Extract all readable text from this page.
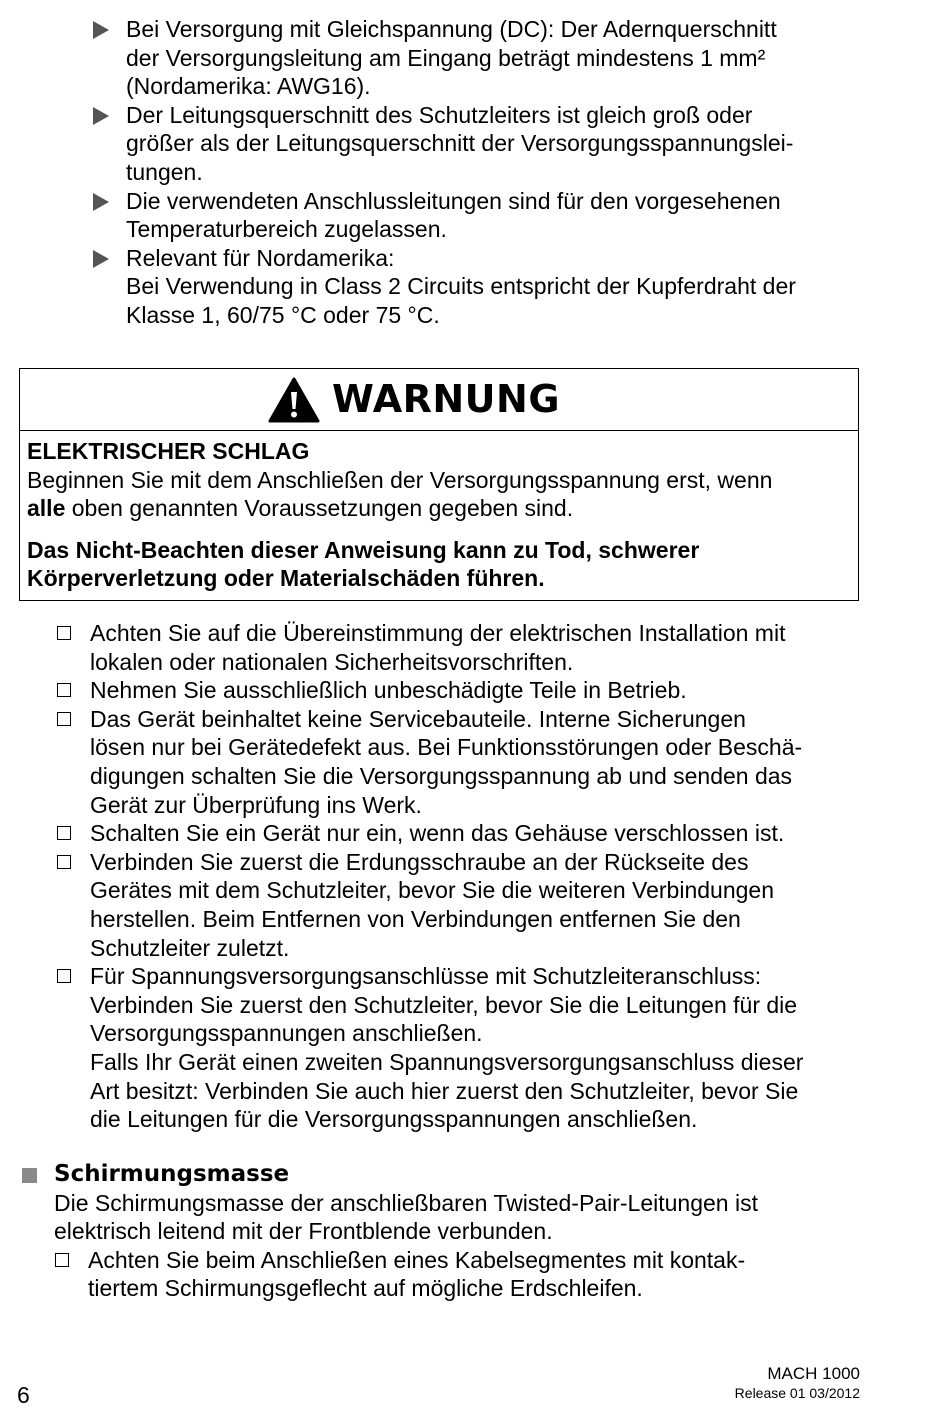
Bei Versorgung mit Gleichspannung (DC): Der Adernquerschnitt
der Versorgungsleitung am Eingang beträgt mindestens 1 mm²
(Nordamerika: AWG16).
Der Leitungsquerschnitt des Schutzleiters ist gleich groß oder
größer als der Leitungsquerschnitt der Versorgungsspannungslei-
tungen.
Die verwendeten Anschlussleitungen sind für den vorgesehenen
Temperaturbereich zugelassen.
Relevant für Nordamerika:
Bei Verwendung in Class 2 Circuits entspricht der Kupferdraht der
Klasse 1, 60/75 °C oder 75 °C.
WARNUNG
ELEKTRISCHER SCHLAG
Beginnen Sie mit dem Anschließen der Versorgungsspannung erst, wenn
alle oben genannten Voraussetzungen gegeben sind.
Das Nicht-Beachten dieser Anweisung kann zu Tod, schwerer
Körperverletzung oder Materialschäden führen.
Achten Sie auf die Übereinstimmung der elektrischen Installation mit
lokalen oder nationalen Sicherheitsvorschriften.
Nehmen Sie ausschließlich unbeschädigte Teile in Betrieb.
Das Gerät beinhaltet keine Servicebauteile. Interne Sicherungen
lösen nur bei Gerätedefekt aus. Bei Funktionsstörungen oder Beschä-
digungen schalten Sie die Versorgungsspannung ab und senden das
Gerät zur Überprüfung ins Werk.
Schalten Sie ein Gerät nur ein, wenn das Gehäuse verschlossen ist.
Verbinden Sie zuerst die Erdungsschraube an der Rückseite des
Gerätes mit dem Schutzleiter, bevor Sie die weiteren Verbindungen
herstellen. Beim Entfernen von Verbindungen entfernen Sie den
Schutzleiter zuletzt.
Für Spannungsversorgungsanschlüsse mit Schutzleiteranschluss:
Verbinden Sie zuerst den Schutzleiter, bevor Sie die Leitungen für die
Versorgungsspannungen anschließen.
Falls Ihr Gerät einen zweiten Spannungsversorgungsanschluss dieser
Art besitzt: Verbinden Sie auch hier zuerst den Schutzleiter, bevor Sie
die Leitungen für die Versorgungsspannungen anschließen.
Schirmungsmasse
Die Schirmungsmasse der anschließbaren Twisted-Pair-Leitungen ist
elektrisch leitend mit der Frontblende verbunden.
Achten Sie beim Anschließen eines Kabelsegmentes mit kontak-
tiertem Schirmungsgeflecht auf mögliche Erdschleifen.
6
MACH 1000
Release 01 03/2012
